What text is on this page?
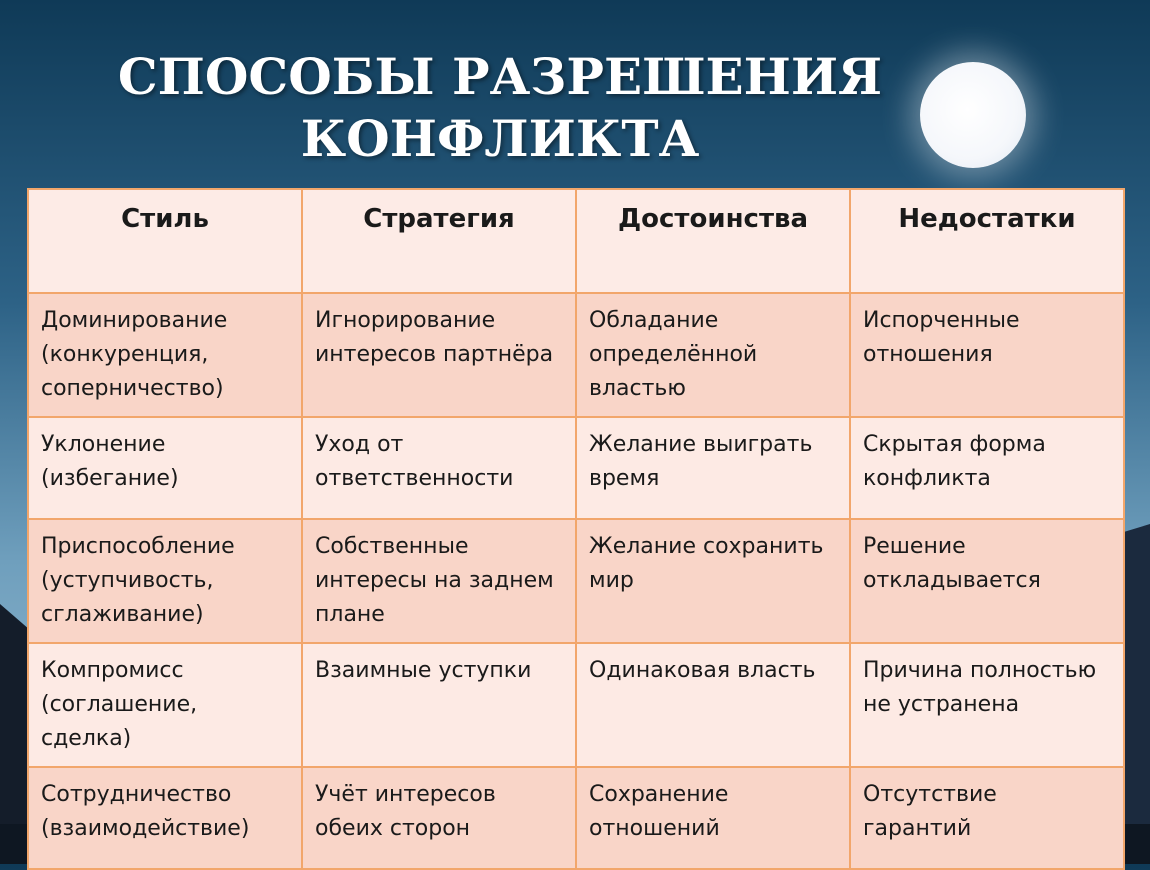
СПОСОБЫ РАЗРЕШЕНИЯ
КОНФЛИКТА
Стиль	Стратегия	Достоинства	Недостатки
Доминирование (конкуренция, соперничество)	Игнорирование интересов партнёра	Обладание определённой властью	Испорченные отношения
Уклонение (избегание)	Уход от ответственности	Желание выиграть время	Скрытая форма конфликта
Приспособление (уступчивость, сглаживание)	Собственные интересы на заднем плане	Желание сохранить мир	Решение откладывается
Компромисс (соглашение, сделка)	Взаимные уступки	Одинаковая власть	Причина полностью не устранена
Сотрудничество (взаимодействие)	Учёт интересов обеих сторон	Сохранение отношений	Отсутствие гарантий
